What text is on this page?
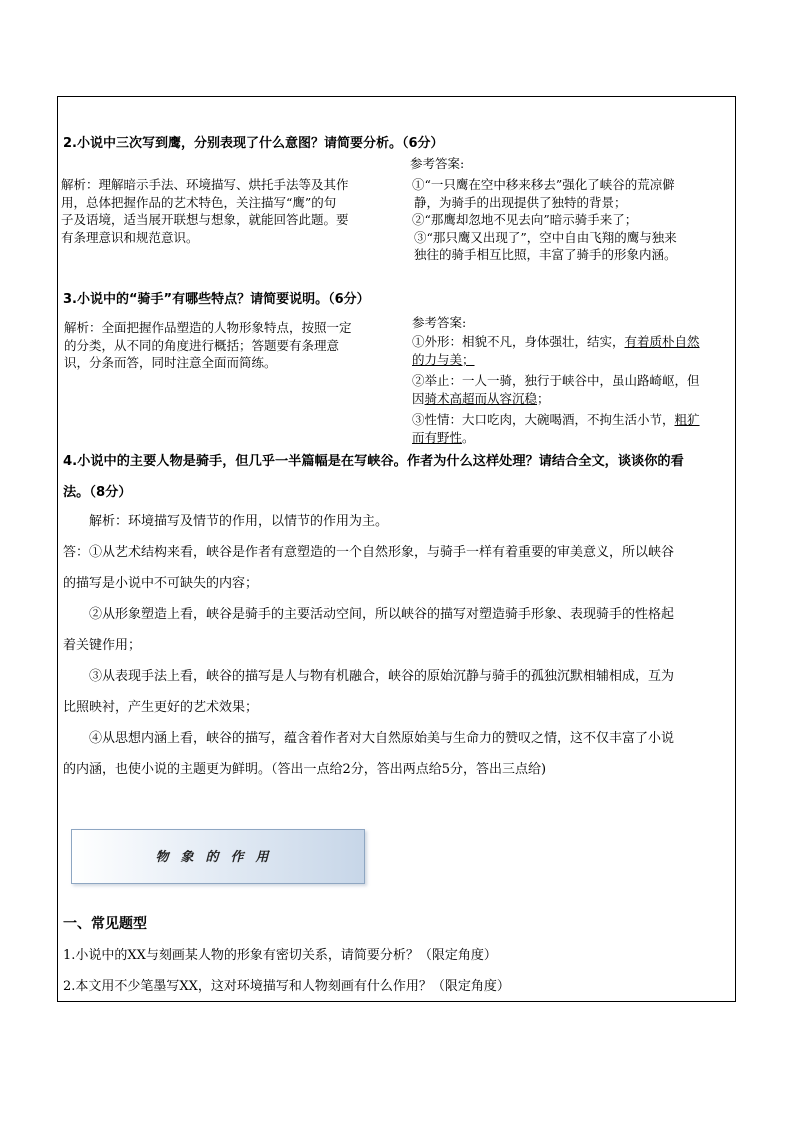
2.小说中三次写到鹰，分别表现了什么意图？请简要分析。（6分）
参考答案:
解析：理解暗示手法、环境描写、烘托手法等及其作
用，总体把握作品的艺术特色，关注描写“鹰”的句
子及语境，适当展开联想与想象，就能回答此题。要
有条理意识和规范意识。
①“一只鹰在空中移来移去”强化了峡谷的荒凉僻
静，为骑手的出现提供了独特的背景；
②“那鹰却忽地不见去向”暗示骑手来了；
③“那只鹰又出现了”，空中自由飞翔的鹰与独来
独往的骑手相互比照，丰富了骑手的形象内涵。
3.小说中的“骑手”有哪些特点？请简要说明。（6分）
参考答案:
解析：全面把握作品塑造的人物形象特点，按照一定
的分类，从不同的角度进行概括；答题要有条理意
识，分条而答，同时注意全面而简练。
①外形：相貌不凡，身体强壮，结实，有着质朴自然
的力与美；
②举止：一人一骑，独行于峡谷中，虽山路崎岖，但
因骑术高超而从容沉稳；
③性情：大口吃肉，大碗喝酒，不拘生活小节，粗犷
而有野性。
4.小说中的主要人物是骑手，但几乎一半篇幅是在写峡谷。作者为什么这样处理？请结合全文，谈谈你的看
法。（8分）
解析：环境描写及情节的作用，以情节的作用为主。
答：①从艺术结构来看，峡谷是作者有意塑造的一个自然形象，与骑手一样有着重要的审美意义，所以峡谷
的描写是小说中不可缺失的内容；
②从形象塑造上看，峡谷是骑手的主要活动空间，所以峡谷的描写对塑造骑手形象、表现骑手的性格起
着关键作用；
③从表现手法上看，峡谷的描写是人与物有机融合，峡谷的原始沉静与骑手的孤独沉默相辅相成，互为
比照映衬，产生更好的艺术效果；
④从思想内涵上看，峡谷的描写，蕴含着作者对大自然原始美与生命力的赞叹之情，这不仅丰富了小说
的内涵，也使小说的主题更为鲜明。（答出一点给2分，答出两点给5分，答出三点给)
物象的作用
一、常见题型
1.小说中的XX与刻画某人物的形象有密切关系，请简要分析？（限定角度）
2.本文用不少笔墨写XX，这对环境描写和人物刻画有什么作用？（限定角度）
